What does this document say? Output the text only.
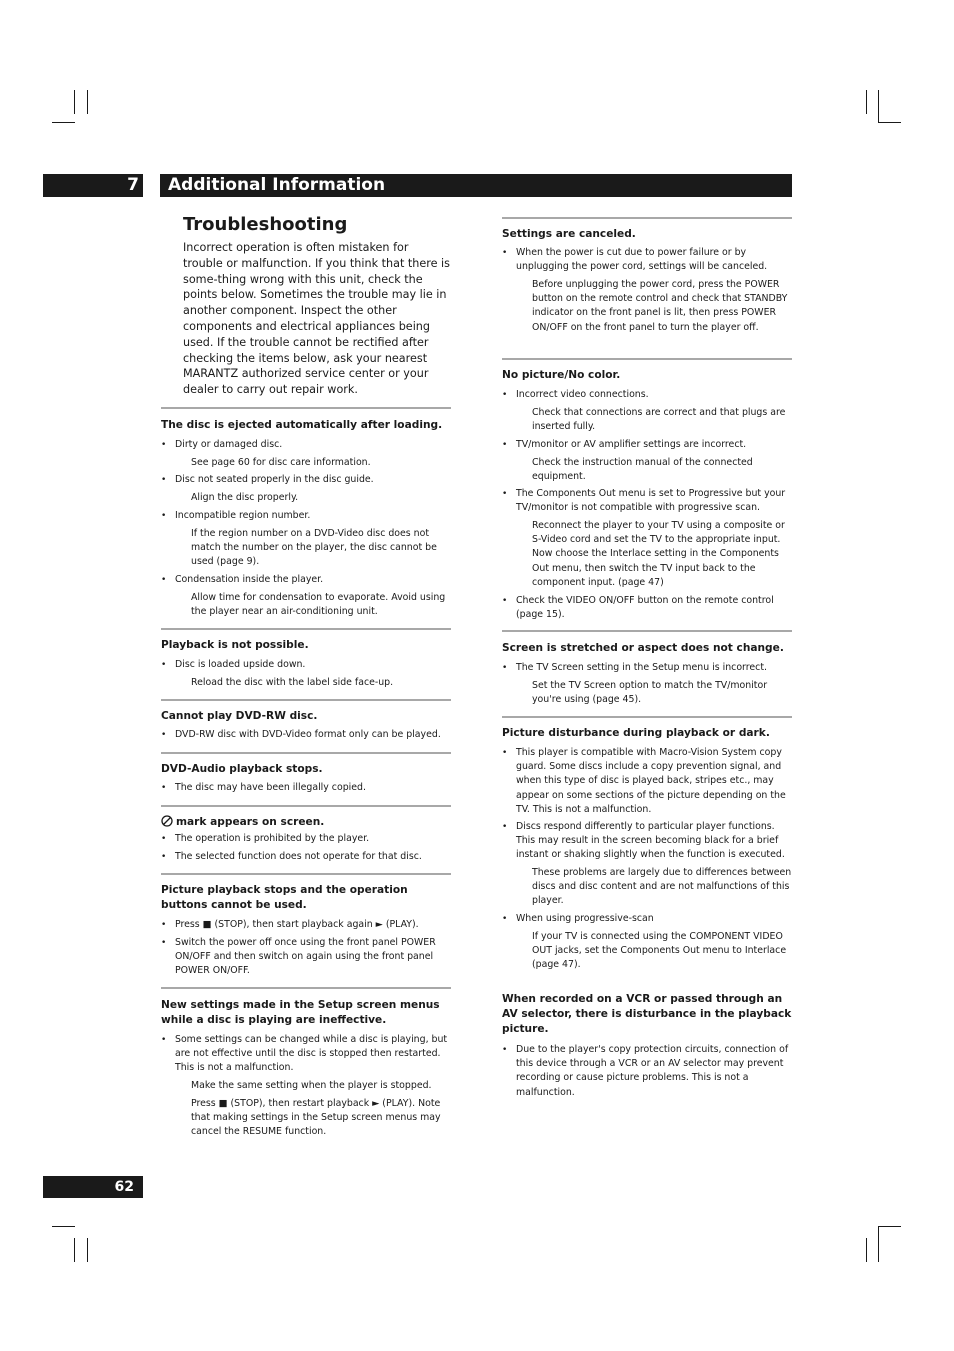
7	Additional Information
Troubleshooting

Incorrect operation is often mistaken for trouble or malfunction. If you think that there is some-thing wrong with this unit, check the points below. Sometimes the trouble may lie in another component. Inspect the other components and electrical appliances being used. If the trouble cannot be rectified after checking the items below, ask your nearest MARANTZ authorized service center or your dealer to carry out repair work.

The disc is ejected automatically after loading.
• Dirty or damaged disc.
See page 60 for disc care information.
• Disc not seated properly in the disc guide.
Align the disc properly.
• Incompatible region number.
If the region number on a DVD-Video disc does not match the number on the player, the disc cannot be used (page 9).
• Condensation inside the player.
Allow time for condensation to evaporate. Avoid using the player near an air-conditioning unit.
Playback is not possible.
• Disc is loaded upside down.
Reload the disc with the label side face-up.
Cannot play DVD-RW disc.
• DVD-RW disc with DVD-Video format only can be played.
DVD-Audio playback stops.
• The disc may have been illegally copied.
mark appears on screen.
• The operation is prohibited by the player.
• The selected function does not operate for that disc.
Picture playback stops and the operation buttons cannot be used.
• Press ■ (STOP), then start playback again ► (PLAY).
• Switch the power off once using the front panel POWER ON/OFF and then switch on again using the front panel POWER ON/OFF.
New settings made in the Setup screen menus while a disc is playing are ineffective.
• Some settings can be changed while a disc is playing, but are not effective until the disc is stopped then restarted. This is not a malfunction.
Make the same setting when the player is stopped.
Press ■ (STOP), then restart playback ► (PLAY). Note that making settings in the Setup screen menus may cancel the RESUME function.
Settings are canceled.
• When the power is cut due to power failure or by unplugging the power cord, settings will be canceled.
Before unplugging the power cord, press the POWER button on the remote control and check that STANDBY indicator on the front panel is lit, then press POWER ON/OFF on the front panel to turn the player off.
No picture/No color.
• Incorrect video connections.
Check that connections are correct and that plugs are inserted fully.
• TV/monitor or AV amplifier settings are incorrect.
Check the instruction manual of the connected equipment.
• The Components Out menu is set to Progressive but your TV/monitor is not compatible with progressive scan.
Reconnect the player to your TV using a composite or S-Video cord and set the TV to the appropriate input. Now choose the Interlace setting in the Components Out menu, then switch the TV input back to the component input. (page 47)
• Check the VIDEO ON/OFF button on the remote control (page 15).
Screen is stretched or aspect does not change.
• The TV Screen setting in the Setup menu is incorrect.
Set the TV Screen option to match the TV/monitor you're using (page 45).
Picture disturbance during playback or dark.
• This player is compatible with Macro-Vision System copy guard. Some discs include a copy prevention signal, and when this type of disc is played back, stripes etc., may appear on some sections of the picture depending on the TV. This is not a malfunction.
• Discs respond differently to particular player functions. This may result in the screen becoming black for a brief instant or shaking slightly when the function is executed.
These problems are largely due to differences between discs and disc content and are not malfunctions of this player.
• When using progressive-scan
If your TV is connected using the COMPONENT VIDEO OUT jacks, set the Components Out menu to Interlace (page 47).
When recorded on a VCR or passed through an AV selector, there is disturbance in the playback picture.
• Due to the player's copy protection circuits, connection of this device through a VCR or an AV selector may prevent recording or cause picture problems. This is not a malfunction.
62
